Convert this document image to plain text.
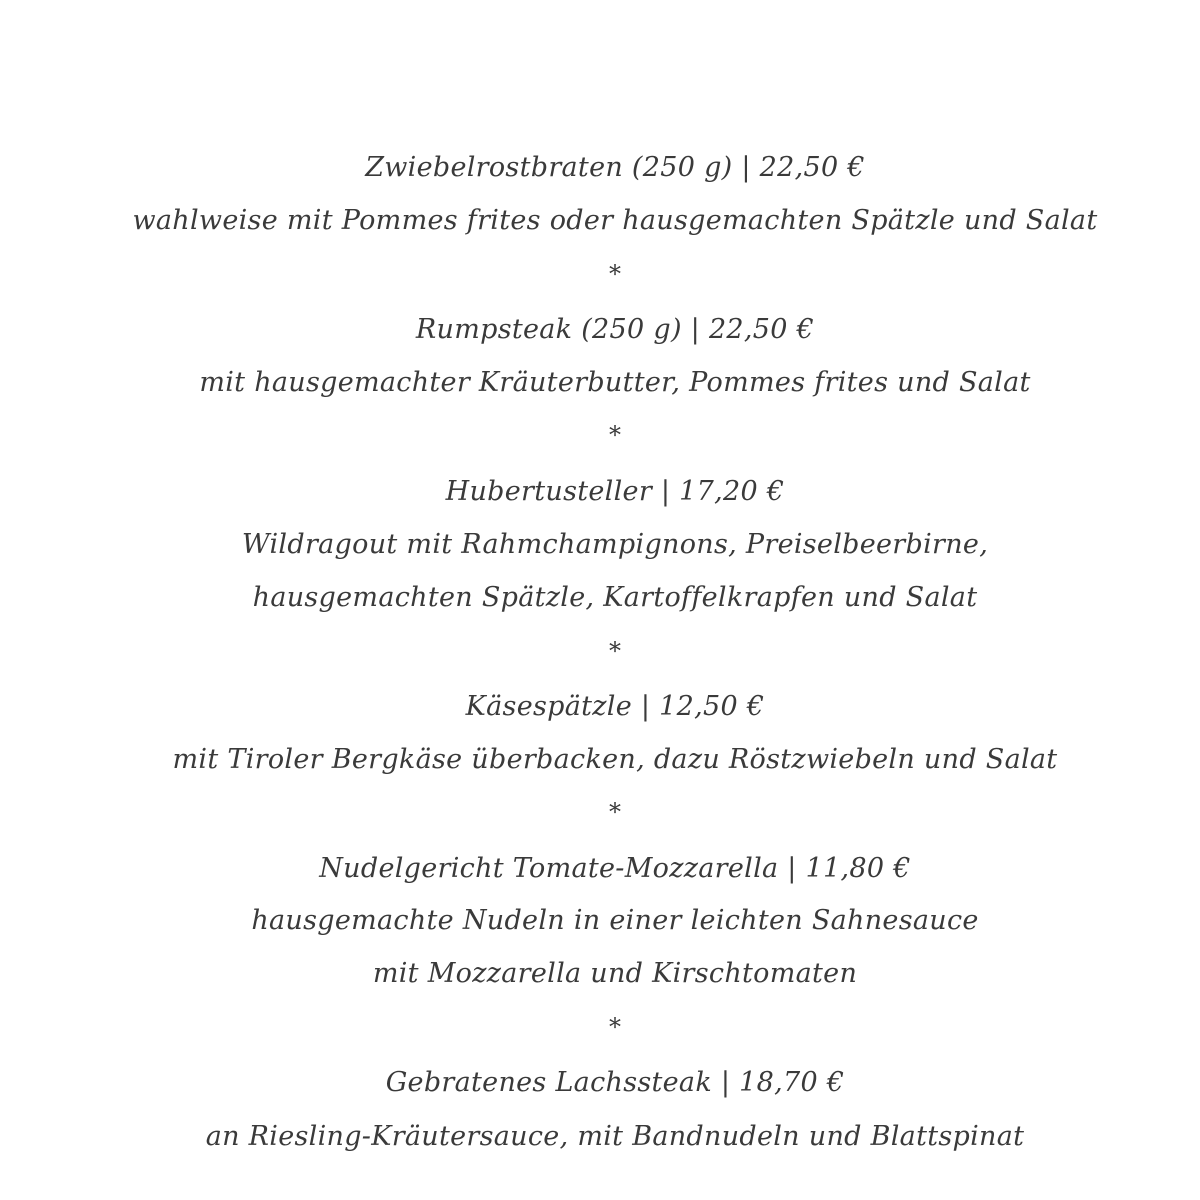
Zwiebelrostbraten (250 g) | 22,50 €

wahlweise mit Pommes frites oder hausgemachten Spätzle und Salat

*

Rumpsteak (250 g) | 22,50 €

mit hausgemachter Kräuterbutter, Pommes frites und Salat

*

Hubertusteller | 17,20 €

Wildragout mit Rahmchampignons, Preiselbeerbirne,

hausgemachten Spätzle, Kartoffelkrapfen und Salat

*

Käsespätzle | 12,50 €

mit Tiroler Bergkäse überbacken, dazu Röstzwiebeln und Salat

*

Nudelgericht Tomate-Mozzarella | 11,80 €

hausgemachte Nudeln in einer leichten Sahnesauce

mit Mozzarella und Kirschtomaten

*

Gebratenes Lachssteak | 18,70 €

an Riesling-Kräutersauce, mit Bandnudeln und Blattspinat
